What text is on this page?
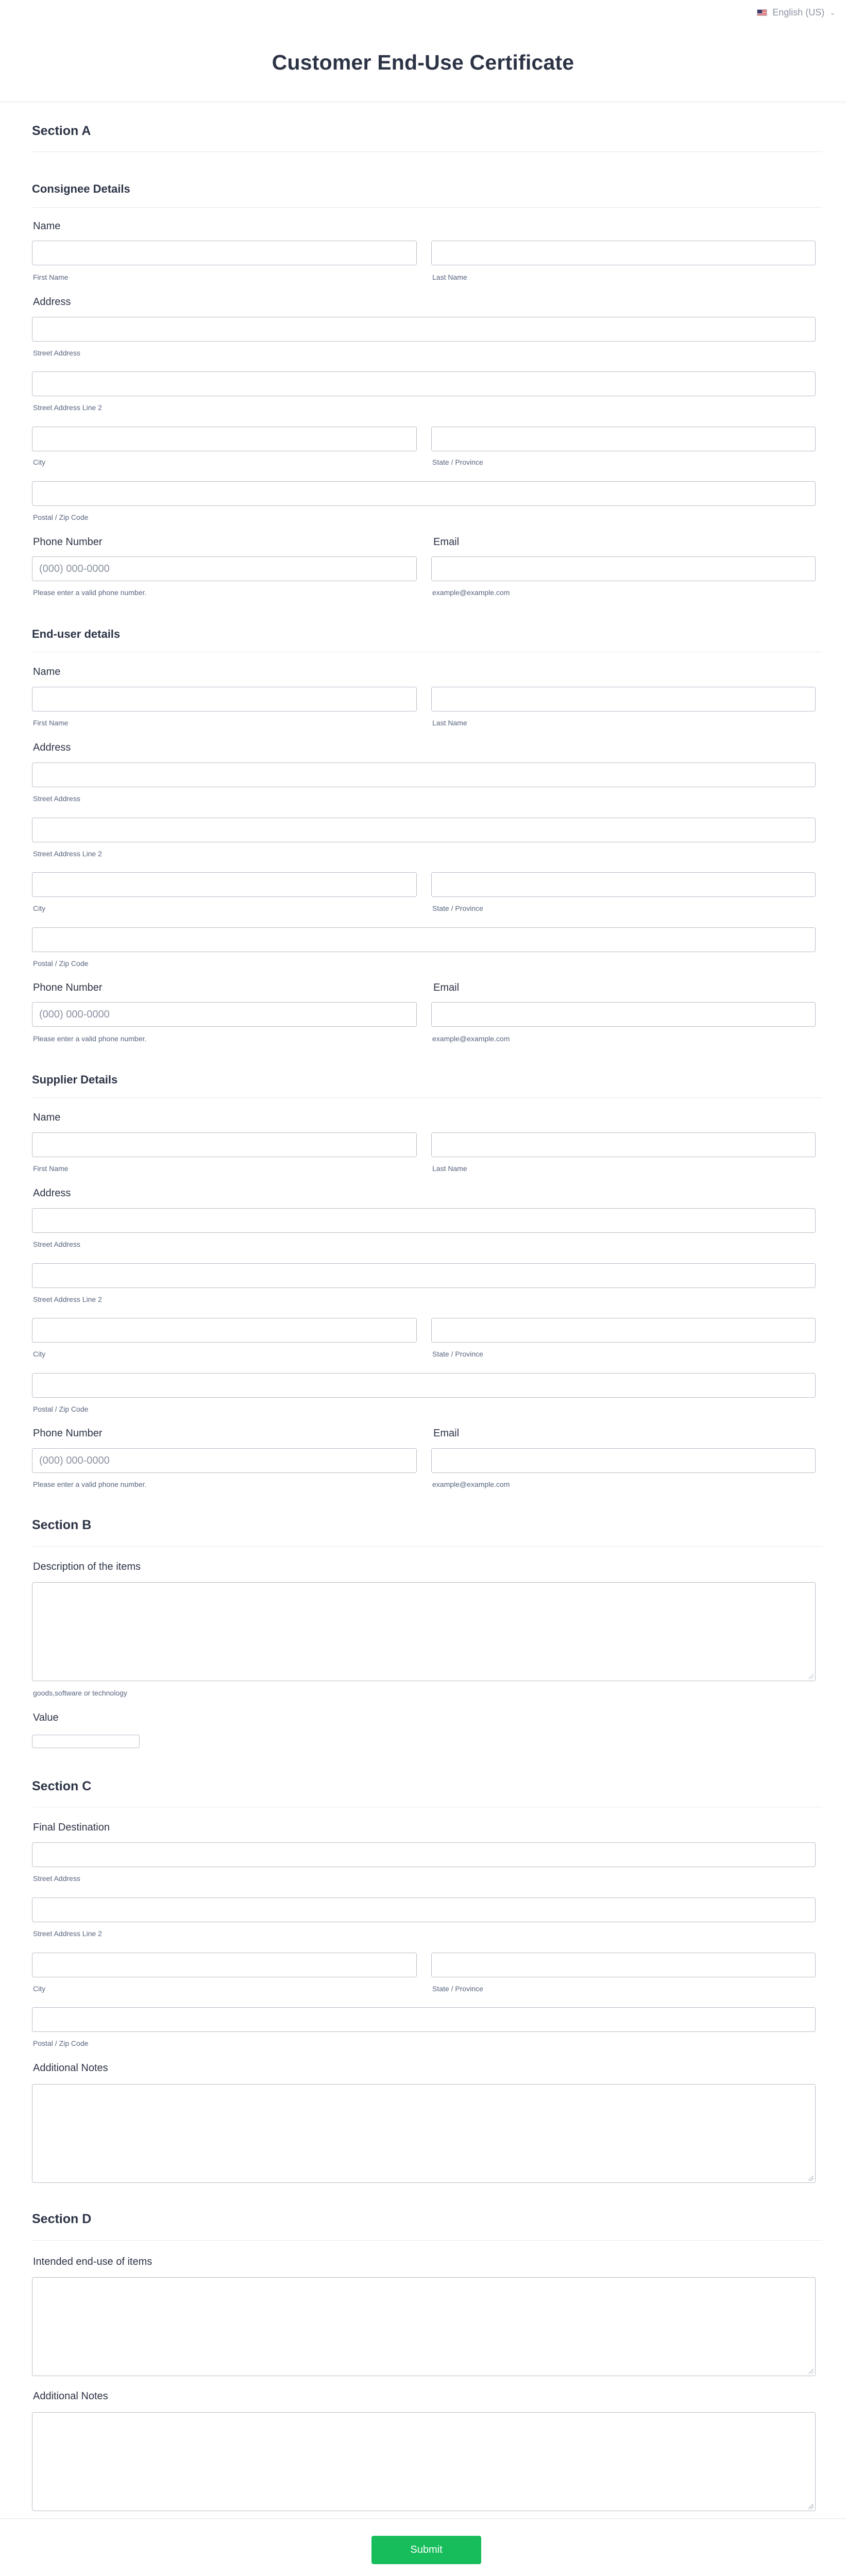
English (US) ⌄
Customer End-Use Certificate
Section A
Consignee Details
Name
First Name	Last Name
Address
Street Address
Street Address Line 2
City	State / Province
Postal / Zip Code
Phone Number	Email
(000) 000-0000
Please enter a valid phone number.	example@example.com
End-user details
Name
First Name	Last Name
Address
Street Address
Street Address Line 2
City	State / Province
Postal / Zip Code
Phone Number	Email
(000) 000-0000
Please enter a valid phone number.	example@example.com
Supplier Details
Name
First Name	Last Name
Address
Street Address
Street Address Line 2
City	State / Province
Postal / Zip Code
Phone Number	Email
(000) 000-0000
Please enter a valid phone number.	example@example.com
Section B
Description of the items
goods,software or technology
Value
Section C
Final Destination
Street Address
Street Address Line 2
City	State / Province
Postal / Zip Code
Additional Notes
Section D
Intended end-use of items
Additional Notes
Submit
